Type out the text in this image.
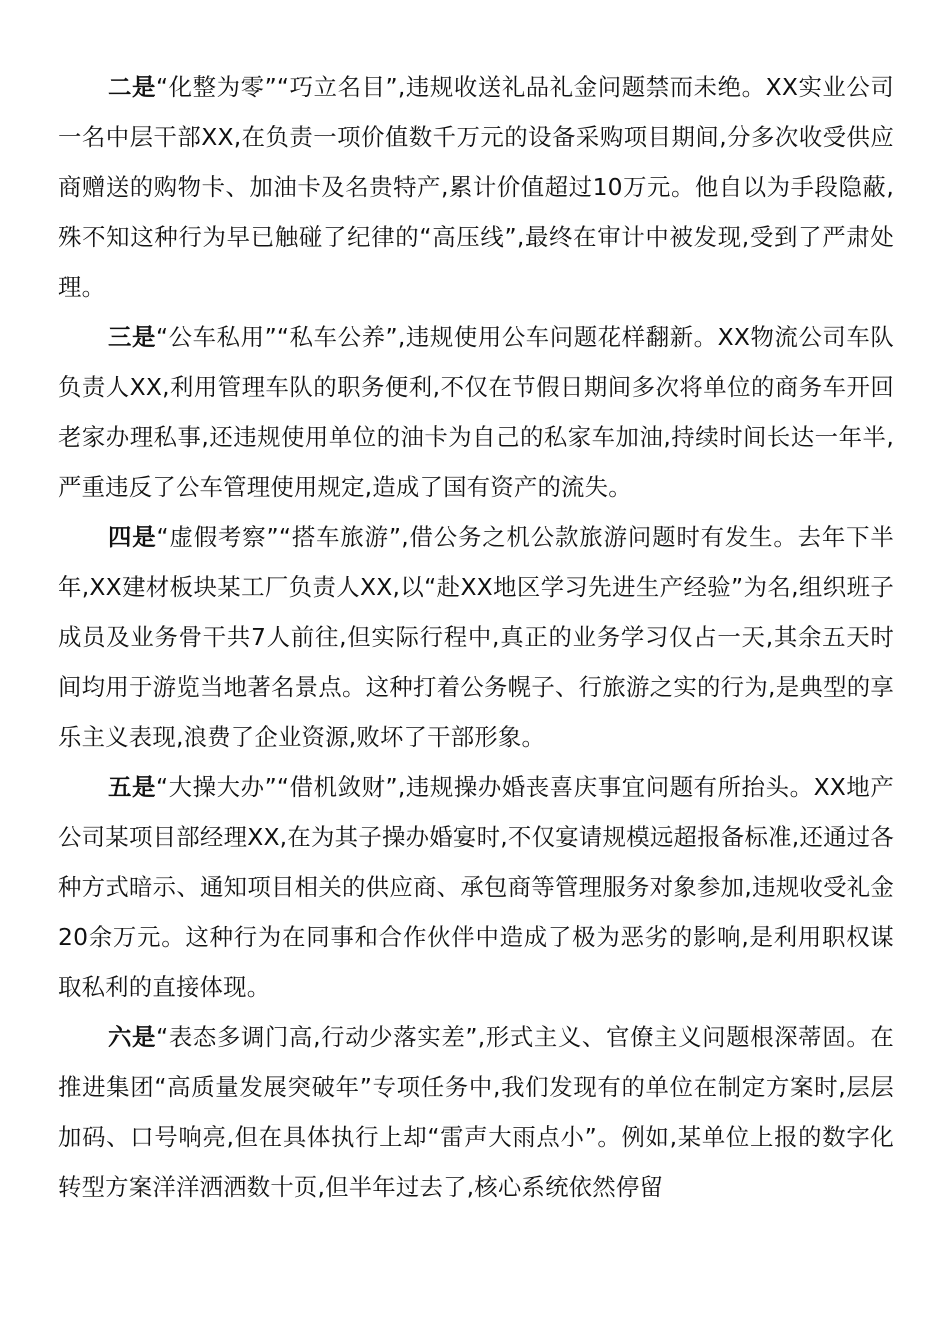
二是“化整为零”“巧立名目”,违规收送礼品礼金问题禁而未绝。XX实业公司一名中层干部XX,在负责一项价值数千万元的设备采购项目期间,分多次收受供应商赠送的购物卡、加油卡及名贵特产,累计价值超过10万元。他自以为手段隐蔽,殊不知这种行为早已触碰了纪律的“高压线”,最终在审计中被发现,受到了严肃处理。

三是“公车私用”“私车公养”,违规使用公车问题花样翻新。XX物流公司车队负责人XX,利用管理车队的职务便利,不仅在节假日期间多次将单位的商务车开回老家办理私事,还违规使用单位的油卡为自己的私家车加油,持续时间长达一年半,严重违反了公车管理使用规定,造成了国有资产的流失。

四是“虚假考察”“搭车旅游”,借公务之机公款旅游问题时有发生。去年下半年,XX建材板块某工厂负责人XX,以“赴XX地区学习先进生产经验”为名,组织班子成员及业务骨干共7人前往,但实际行程中,真正的业务学习仅占一天,其余五天时间均用于游览当地著名景点。这种打着公务幌子、行旅游之实的行为,是典型的享乐主义表现,浪费了企业资源,败坏了干部形象。

五是“大操大办”“借机敛财”,违规操办婚丧喜庆事宜问题有所抬头。XX地产公司某项目部经理XX,在为其子操办婚宴时,不仅宴请规模远超报备标准,还通过各种方式暗示、通知项目相关的供应商、承包商等管理服务对象参加,违规收受礼金20余万元。这种行为在同事和合作伙伴中造成了极为恶劣的影响,是利用职权谋取私利的直接体现。

六是“表态多调门高,行动少落实差”,形式主义、官僚主义问题根深蒂固。在推进集团“高质量发展突破年”专项任务中,我们发现有的单位在制定方案时,层层加码、口号响亮,但在具体执行上却“雷声大雨点小”。例如,某单位上报的数字化转型方案洋洋洒洒数十页,但半年过去了,核心系统依然停留
